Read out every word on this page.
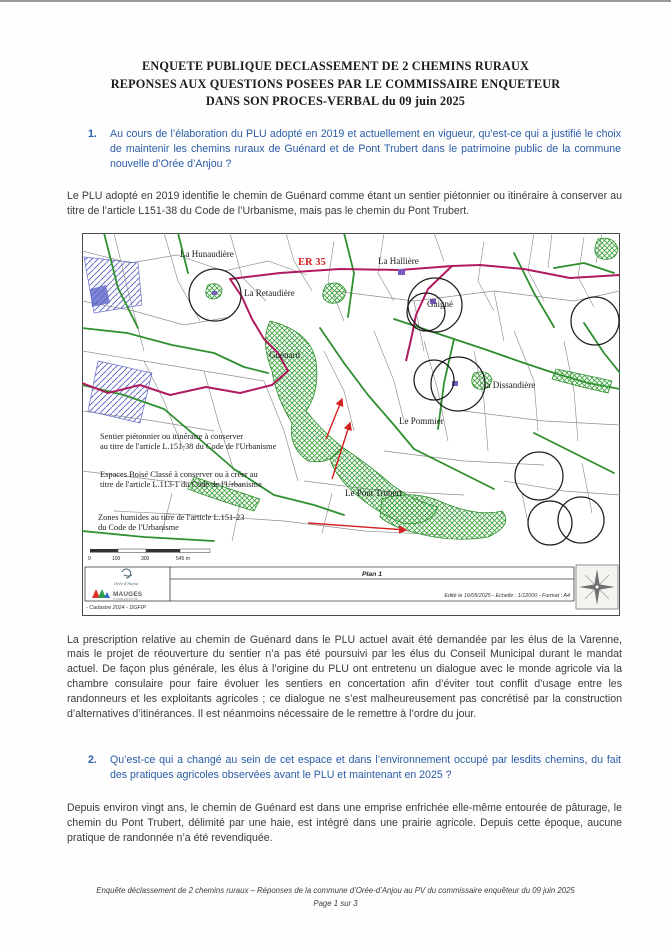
ENQUETE PUBLIQUE DECLASSEMENT DE 2 CHEMINS RURAUX
REPONSES AUX QUESTIONS POSEES PAR LE COMMISSAIRE ENQUETEUR
DANS SON PROCES-VERBAL du 09 juin 2025
1.	Au cours de l’élaboration du PLU adopté en 2019 et actuellement en vigueur, qu’est-ce qui a justifié le choix de maintenir les chemins ruraux de Guénard et de Pont Trubert dans le patrimoine public de la commune nouvelle d’Orée d’Anjou ?

Le PLU adopté en 2019 identifie le chemin de Guénard comme étant un sentier piétonnier ou itinéraire à conserver au titre de l’article L151-38 du Code de l’Urbanisme, mais pas le chemin du Pont Trubert.

La Hunaudière
La Retaudière
La Hallière
Gaigné
Guénard
la Dissandière
Le Pommier
Le Pont Trubert
ER 35
Sentier piétonnier ou itinéraire à conserver
au titre de l'article L.151-38 du Code de l'Urbanisme
Espaces Boisé Classé à conserver ou à créer au
titre de l'article L.113-1 du Code de l'Urbanisme
Zones humides au titre de l'article L.151-23
du Code de l'Urbanisme
0	100	300	545 m
Plan 1
Edité le 16/05/2025 - Echelle : 1/12000 - Format : A4
- Cadastre 2024 - DGFIP
Orée d'Anjou
MAUGES
COMMUNAUTÉ

La prescription relative au chemin de Guénard dans le PLU actuel avait été demandée par les élus de la Varenne, mais le projet de réouverture du sentier n’a pas été poursuivi par les élus du Conseil Municipal durant le mandat actuel. De façon plus générale, les élus à l’origine du PLU ont entretenu un dialogue avec le monde agricole via la chambre consulaire pour faire évoluer les sentiers en concertation afin d’éviter tout conflit d’usage entre les randonneurs et les exploitants agricoles ; ce dialogue ne s’est malheureusement pas concrétisé par la construction d’alternatives d’itinérances. Il est néanmoins nécessaire de le remettre à l’ordre du jour.

2.	Qu’est-ce qui a changé au sein de cet espace et dans l’environnement occupé par lesdits chemins, du fait des pratiques agricoles observées avant le PLU et maintenant en 2025 ?

Depuis environ vingt ans, le chemin de Guénard est dans une emprise enfrichée elle-même entourée de pâturage, le chemin du Pont Trubert, délimité par une haie, est intégré dans une prairie agricole. Depuis cette époque, aucune pratique de randonnée n’a été revendiquée.

Enquête déclassement de 2 chemins ruraux – Réponses de la commune d’Orée-d’Anjou au PV du commissaire enquêteur du 09 juin 2025
Page 1 sur 3
